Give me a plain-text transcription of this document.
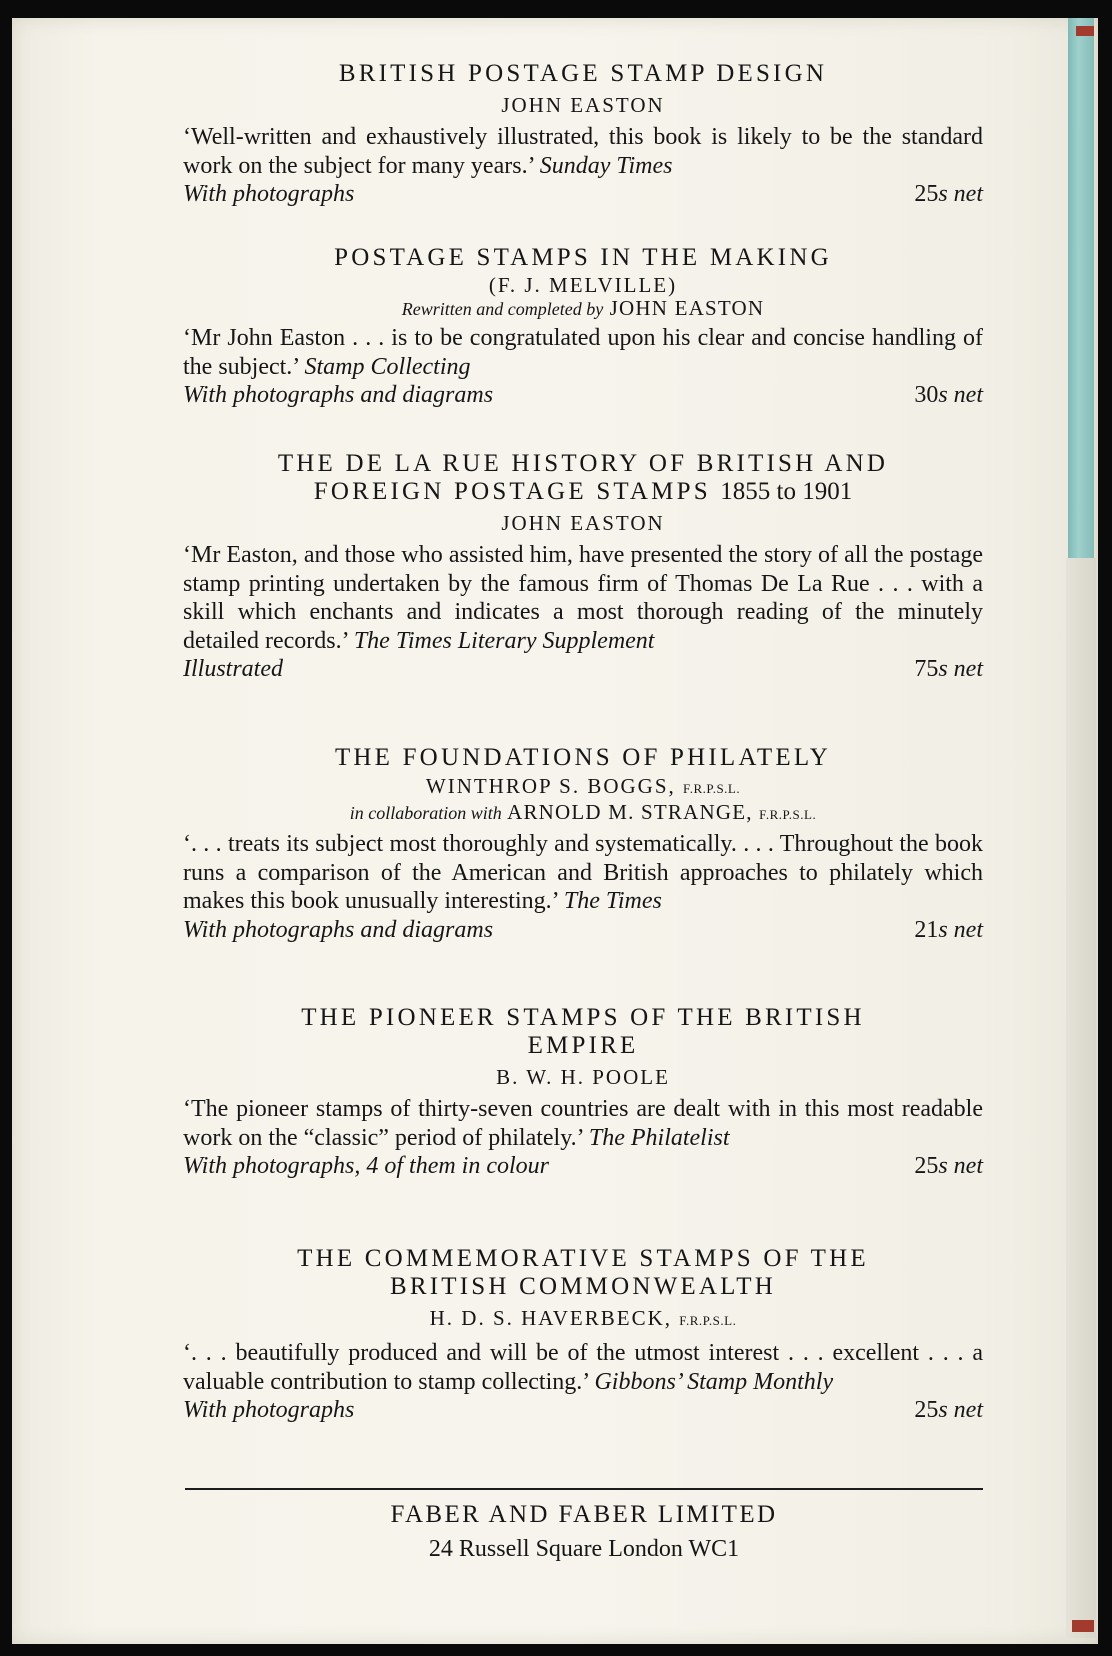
BRITISH POSTAGE STAMP DESIGN
JOHN EASTON
‘Well-written and exhaustively illustrated, this book is likely to be the standard work on the subject for many years.’ Sunday Times
With photographs	25s net
POSTAGE STAMPS IN THE MAKING
(F. J. MELVILLE)
Rewritten and completed by JOHN EASTON
‘Mr John Easton . . . is to be congratulated upon his clear and concise handling of the subject.’ Stamp Collecting
With photographs and diagrams	30s net
THE DE LA RUE HISTORY OF BRITISH AND
FOREIGN POSTAGE STAMPS 1855 to 1901
JOHN EASTON
‘Mr Easton, and those who assisted him, have presented the story of all the postage stamp printing undertaken by the famous firm of Thomas De La Rue . . . with a skill which enchants and indicates a most thorough reading of the minutely detailed records.’ The Times Literary Supplement
Illustrated	75s net
THE FOUNDATIONS OF PHILATELY
WINTHROP S. BOGGS, F.R.P.S.L.
in collaboration with ARNOLD M. STRANGE, F.R.P.S.L.
‘. . . treats its subject most thoroughly and systematically. . . . Throughout the book runs a comparison of the American and British approaches to philately which makes this book unusually interesting.’ The Times
With photographs and diagrams	21s net
THE PIONEER STAMPS OF THE BRITISH
EMPIRE
B. W. H. POOLE
‘The pioneer stamps of thirty-seven countries are dealt with in this most readable work on the “classic” period of philately.’ The Philatelist
With photographs, 4 of them in colour	25s net
THE COMMEMORATIVE STAMPS OF THE
BRITISH COMMONWEALTH
H. D. S. HAVERBECK, F.R.P.S.L.
‘. . . beautifully produced and will be of the utmost interest . . . excellent . . . a valuable contribution to stamp collecting.’ Gibbons’ Stamp Monthly
With photographs	25s net
FABER AND FABER LIMITED
24 Russell Square London WC1
